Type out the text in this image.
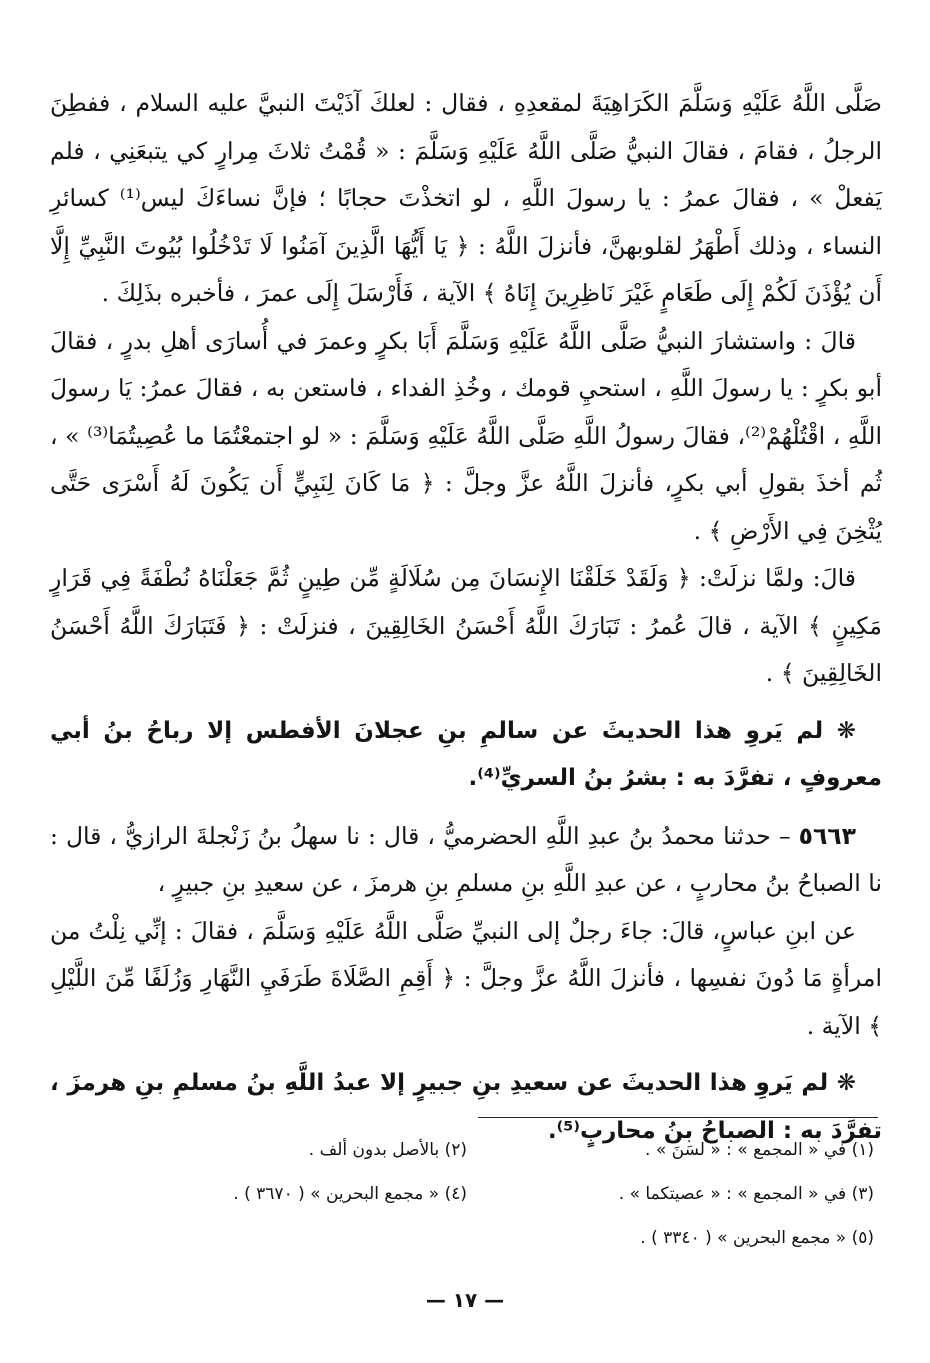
صَلَّى اللَّهُ عَلَيْهِ وَسَلَّمَ الكَرَاهِيَةَ لمقعدِهِ ، فقال : لعلكَ آذَيْتَ النبيَّ عليه السلام ، ففطِنَ الرجلُ ، فقامَ ، فقالَ النبيُّ صَلَّى اللَّهُ عَلَيْهِ وَسَلَّمَ : « قُمْتُ ثلاثَ مِرارٍ كي يتبعَنِي ، فلم يَفعلْ » ، فقالَ عمرُ : يا رسولَ اللَّهِ ، لو اتخذْتَ حجابًا ؛ فإنَّ نساءَكَ ليس⁽¹⁾ كسائرِ النساء ، وذلك أَطْهَرُ لقلوبهنَّ، فأنزلَ اللَّهُ : ﴿ يَا أَيُّهَا الَّذِينَ آمَنُوا لَا تَدْخُلُوا بُيُوتَ النَّبِيِّ إِلَّا أَن يُؤْذَنَ لَكُمْ إِلَى طَعَامٍ غَيْرَ نَاظِرِينَ إِنَاهُ ﴾ الآية ، فَأَرْسَلَ إِلَى عمرَ ، فأخبره بذَلِكَ .

قالَ : واستشارَ النبيُّ صَلَّى اللَّهُ عَلَيْهِ وَسَلَّمَ أَبَا بكرٍ وعمرَ في أُسارَى أهلِ بدرٍ ، فقالَ أبو بكرٍ : يا رسولَ اللَّهِ ، استحيِ قومك ، وخُذِ الفداء ، فاستعن به ، فقالَ عمرُ: يَا رسولَ اللَّهِ ، اقْتُلْهُمْ⁽²⁾، فقالَ رسولُ اللَّهِ صَلَّى اللَّهُ عَلَيْهِ وَسَلَّمَ : « لو اجتمعْتُمَا ما عُصِيتُمَا⁽³⁾ » ، ثُم أخذَ بقولِ أبي بكرٍ، فأنزلَ اللَّهُ عزَّ وجلَّ : ﴿ مَا كَانَ لِنَبِيٍّ أَن يَكُونَ لَهُ أَسْرَى حَتَّى يُثْخِنَ فِي الأَرْضِ ﴾ .

قالَ: ولمَّا نزلَتْ: ﴿ وَلَقَدْ خَلَقْنَا الإِنسَانَ مِن سُلَالَةٍ مِّن طِينٍ ثُمَّ جَعَلْنَاهُ نُطْفَةً فِي قَرَارٍ مَكِينٍ ﴾ الآية ، قالَ عُمرُ : تَبَارَكَ اللَّهُ أَحْسَنُ الخَالِقِينَ ، فنزلَتْ : ﴿ فَتَبَارَكَ اللَّهُ أَحْسَنُ الخَالِقِينَ ﴾ .

❋ لم يَروِ هذا الحديثَ عن سالمِ بنِ عجلانَ الأفطس إلا رباحُ بنُ أبي معروفٍ ، تفرَّدَ به : بشرُ بنُ السريِّ⁽⁴⁾.

٥٦٦٣ – حدثنا محمدُ بنُ عبدِ اللَّهِ الحضرميُّ ، قال : نا سهلُ بنُ زَنْجلةَ الرازيُّ ، قال : نا الصباحُ بنُ محاربٍ ، عن عبدِ اللَّهِ بنِ مسلمِ بنِ هرمزَ ، عن سعيدِ بنِ جبيرٍ ،

عن ابنِ عباسٍ، قالَ: جاءَ رجلٌ إلى النبيِّ صَلَّى اللَّهُ عَلَيْهِ وَسَلَّمَ ، فقالَ : إنِّي نِلْتُ من امرأةٍ مَا دُونَ نفسِها ، فأنزلَ اللَّهُ عزَّ وجلَّ : ﴿ أَقِمِ الصَّلَاةَ طَرَفَيِ النَّهَارِ وَزُلَفًا مِّنَ اللَّيْلِ ﴾ الآية .

❋ لم يَروِ هذا الحديثَ عن سعيدِ بنِ جبيرٍ إلا عبدُ اللَّهِ بنُ مسلمِ بنِ هرمزَ ، تفرَّدَ به : الصباحُ بنُ محاربٍ⁽⁵⁾.

(١) في « المجمع » : « لسَنَ » .
(٢) بالأصل بدون ألف .
(٣) في « المجمع » : « عصيتكما » .
(٤) « مجمع البحرين » ( ٣٦٧٠ ) .
(٥) « مجمع البحرين » ( ٣٣٤٠ ) .
— ١٧ —
